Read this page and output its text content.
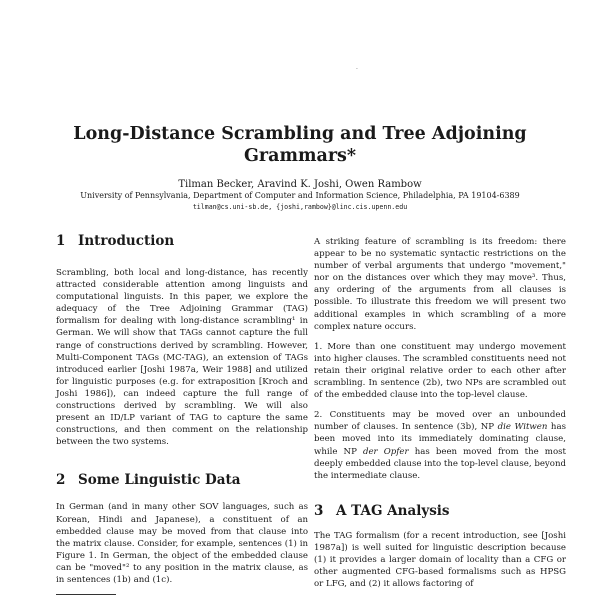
.
Long-Distance Scrambling and Tree Adjoining Grammars*
Tilman Becker, Aravind K. Joshi, Owen Rambow
University of Pennsylvania, Department of Computer and Information Science, Philadelphia, PA 19104-6389
tilman@cs.uni-sb.de, {joshi,rambow}@linc.cis.upenn.edu
1 Introduction

Scrambling, both local and long-distance, has recently attracted considerable attention among linguists and computational linguists. In this paper, we explore the adequacy of the Tree Adjoining Grammar (TAG) formalism for dealing with long-distance scrambling¹ in German. We will show that TAGs cannot capture the full range of constructions derived by scrambling. However, Multi-Component TAGs (MC-TAG), an extension of TAGs introduced earlier [Joshi 1987a, Weir 1988] and utilized for linguistic purposes (e.g. for extraposition [Kroch and Joshi 1986]), can indeed capture the full range of constructions derived by scrambling. We will also present an ID/LP variant of TAG to capture the same constructions, and then comment on the relationship between the two systems.

2 Some Linguistic Data

In German (and in many other SOV languages, such as Korean, Hindi and Japanese), a constituent of an embedded clause may be moved from that clause into the matrix clause. Consider, for example, sentences (1) in Figure 1. In German, the object of the embedded clause can be "moved"² to any position in the matrix clause, as in sentences (1b) and (1c).

A striking feature of scrambling is its freedom: there appear to be no systematic syntactic restrictions on the number of verbal arguments that undergo "movement," nor on the distances over which they may move³. Thus, any ordering of the arguments from all clauses is possible. To illustrate this freedom we will present two additional examples in which scrambling of a more complex nature occurs.

1. More than one constituent may undergo movement into higher clauses. The scrambled constituents need not retain their original relative order to each other after scrambling. In sentence (2b), two NPs are scrambled out of the embedded clause into the top-level clause.

2. Constituents may be moved over an unbounded number of clauses. In sentence (3b), NP die Witwen has been moved into its immediately dominating clause, while NP der Opfer has been moved from the most deeply embedded clause into the top-level clause, beyond the intermediate clause.

3 A TAG Analysis

The TAG formalism (for a recent introduction, see [Joshi 1987a]) is well suited for linguistic description because (1) it provides a larger domain of locality than a CFG or other augmented CFG-based formalisms such as HPSG or LFG, and (2) it allows factoring of
